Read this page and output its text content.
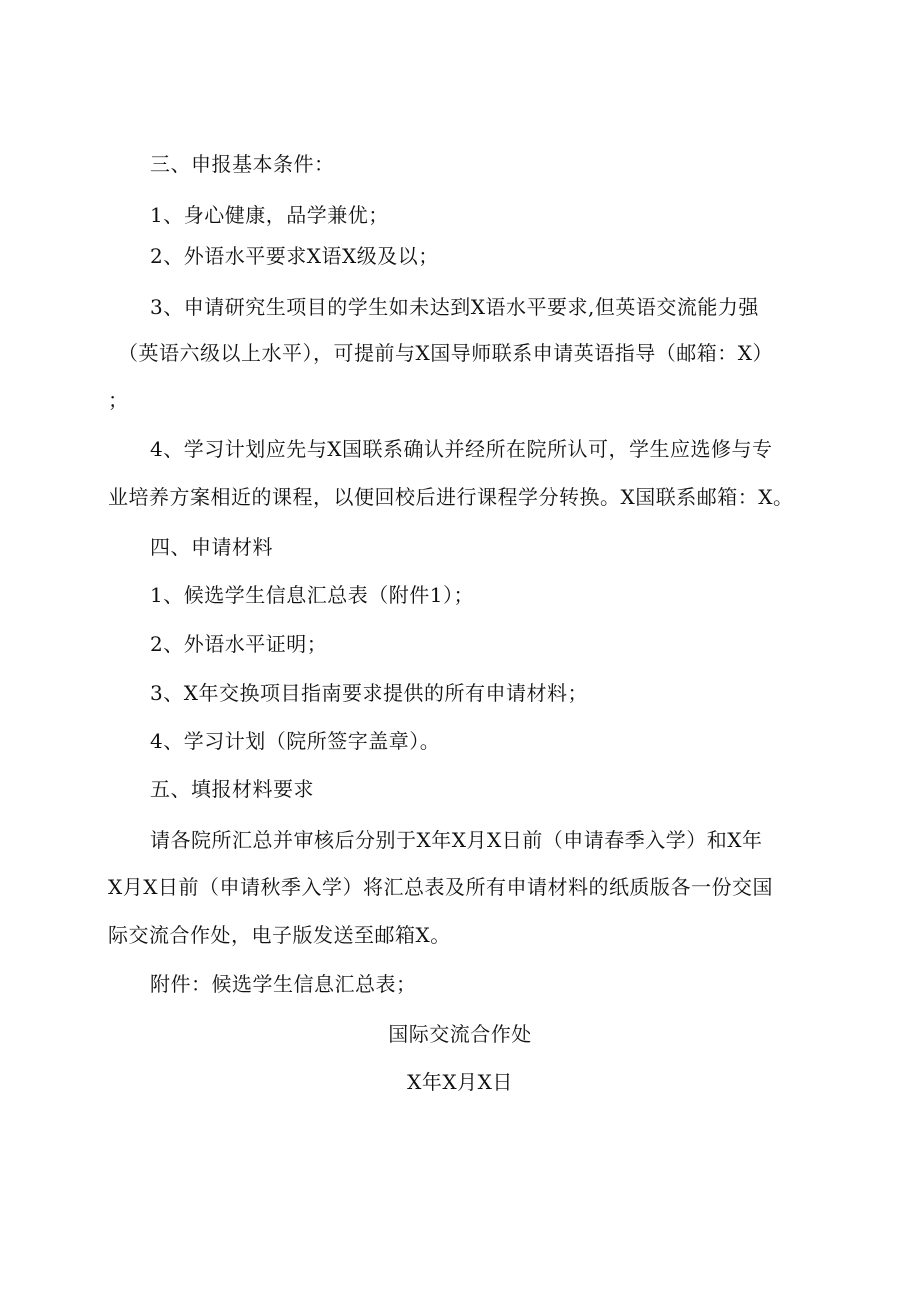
三、申报基本条件：
1、身心健康，品学兼优；
2、外语水平要求X语X级及以；
3、申请研究生项目的学生如未达到X语水平要求,但英语交流能力强
（英语六级以上水平），可提前与X国导师联系申请英语指导（邮箱：X）
；
4、学习计划应先与X国联系确认并经所在院所认可，学生应选修与专
业培养方案相近的课程，以便回校后进行课程学分转换。X国联系邮箱：X。
四、申请材料
1、候选学生信息汇总表（附件1）；
2、外语水平证明；
3、X年交换项目指南要求提供的所有申请材料；
4、学习计划（院所签字盖章）。
五、填报材料要求
请各院所汇总并审核后分别于X年X月X日前（申请春季入学）和X年
X月X日前（申请秋季入学）将汇总表及所有申请材料的纸质版各一份交国
际交流合作处，电子版发送至邮箱X。
附件：候选学生信息汇总表；
国际交流合作处
X年X月X日
